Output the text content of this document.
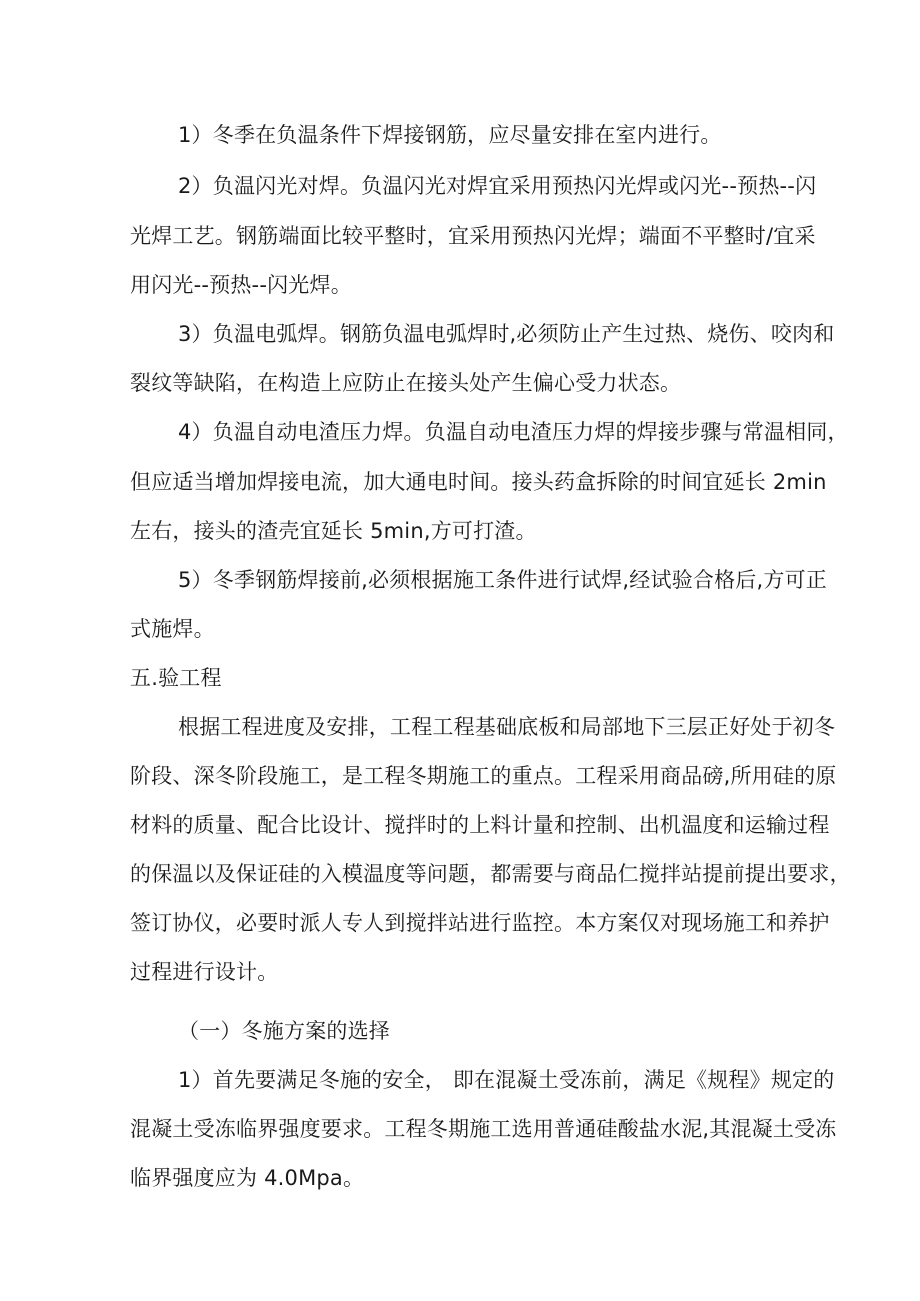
1）冬季在负温条件下焊接钢筋，应尽量安排在室内进行。
2）负温闪光对焊。负温闪光对焊宜采用预热闪光焊或闪光--预热--闪
光焊工艺。钢筋端面比较平整时，宜采用预热闪光焊；端面不平整时/宜采
用闪光--预热--闪光焊。
3）负温电弧焊。钢筋负温电弧焊时,必须防止产生过热、烧伤、咬肉和
裂纹等缺陷，在构造上应防止在接头处产生偏心受力状态。
4）负温自动电渣压力焊。负温自动电渣压力焊的焊接步骤与常温相同，
但应适当增加焊接电流，加大通电时间。接头药盒拆除的时间宜延长 2min
左右，接头的渣壳宜延长 5min,方可打渣。
5）冬季钢筋焊接前,必须根据施工条件进行试焊,经试验合格后,方可正
式施焊。
五.验工程
根据工程进度及安排，工程工程基础底板和局部地下三层正好处于初冬
阶段、深冬阶段施工，是工程冬期施工的重点。工程采用商品磅,所用硅的原
材料的质量、配合比设计、搅拌时的上料计量和控制、出机温度和运输过程
的保温以及保证硅的入模温度等问题，都需要与商品仁搅拌站提前提出要求，
签订协仪，必要时派人专人到搅拌站进行监控。本方案仅对现场施工和养护
过程进行设计。
（一）冬施方案的选择
1）首先要满足冬施的安全， 即在混凝土受冻前，满足《规程》规定的
混凝土受冻临界强度要求。工程冬期施工选用普通硅酸盐水泥,其混凝土受冻
临界强度应为 4.0Mpa。
